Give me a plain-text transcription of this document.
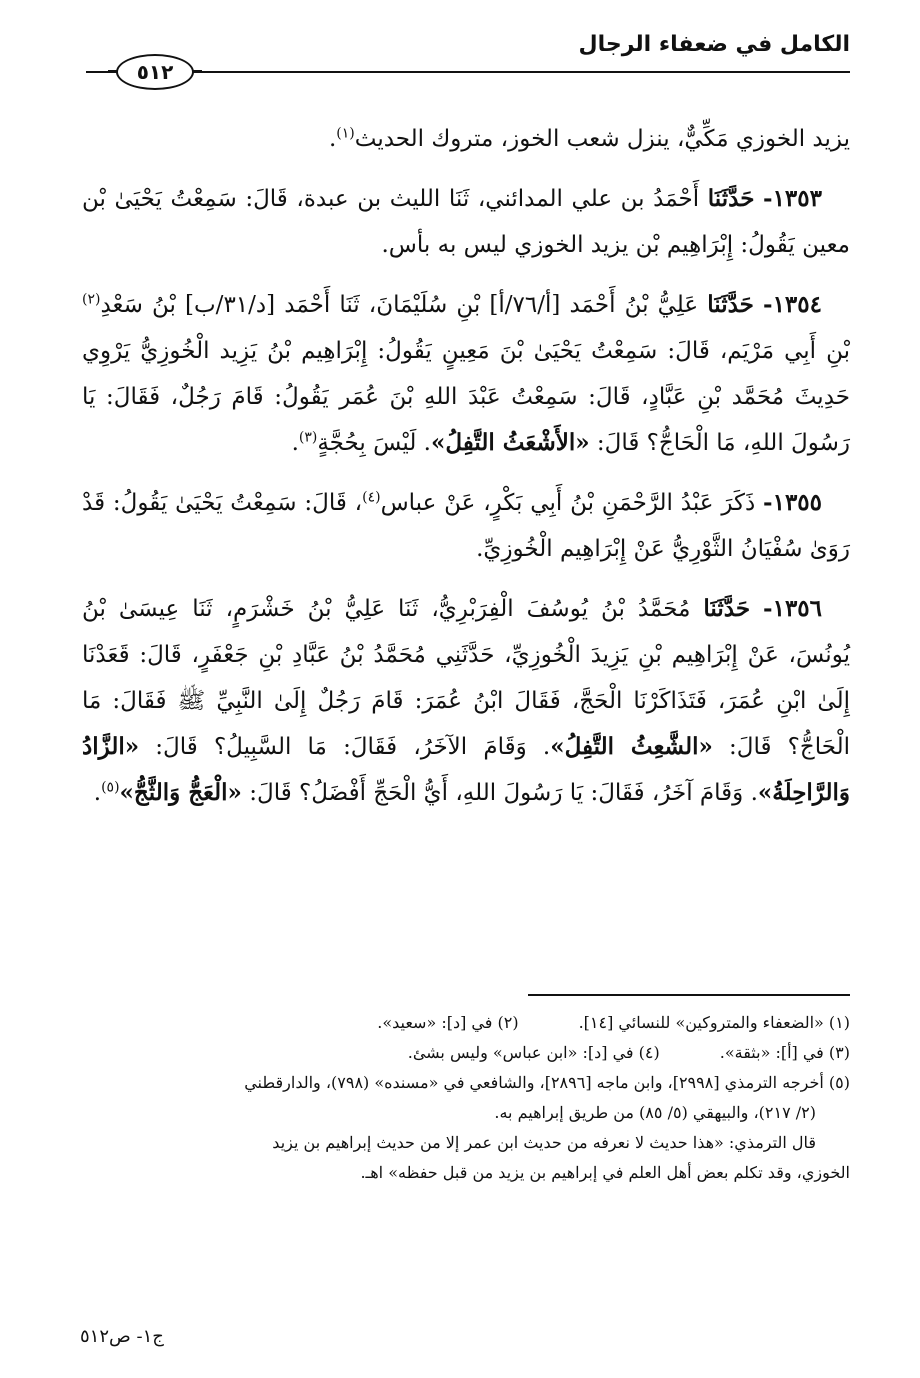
الكامل في ضعفاء الرجال
٥١٢

يزيد الخوزي مَكِّيٌّ، ينزل شعب الخوز، متروك الحديث$^{(١)}$.

١٣٥٣- حَدَّثَنَا أَحْمَدُ بن علي المدائني، ثَنَا الليث بن عبدة، قَالَ: سَمِعْتُ يَحْيَىٰ بْن معين يَقُولُ: إِبْرَاهِيم بْن يزيد الخوزي ليس به بأس.

١٣٥٤- حَدَّثَنَا عَلِيُّ بْنُ أَحْمَد [أ/٧٦/أ] بْنِ سُلَيْمَانَ، ثَنَا أَحْمَد [د/٣١/ب] بْنُ سَعْدِ$^{(٢)}$ بْنِ أَبِي مَرْيَم، قَالَ: سَمِعْتُ يَحْيَىٰ بْنَ مَعِينٍ يَقُولُ: إِبْرَاهِيم بْنُ يَزِيد الْخُوزِيُّ يَرْوِي حَدِيثَ مُحَمَّد بْنِ عَبَّادٍ، قَالَ: سَمِعْتُ عَبْدَ اللهِ بْنَ عُمَر يَقُولُ: قَامَ رَجُلٌ، فَقَالَ: يَا رَسُولَ اللهِ، مَا الْحَاجُّ؟ قَالَ: «الأَشْعَثُ التَّفِلُ». لَيْسَ بِحُجَّةٍ$^{(٣)}$.

١٣٥٥- ذَكَرَ عَبْدُ الرَّحْمَنِ بْنُ أَبِي بَكْرٍ، عَنْ عباس$^{(٤)}$، قَالَ: سَمِعْتُ يَحْيَىٰ يَقُولُ: قَدْ رَوَىٰ سُفْيَانُ الثَّوْرِيُّ عَنْ إِبْرَاهِيم الْخُوزِيِّ.

١٣٥٦- حَدَّثَنَا مُحَمَّدُ بْنُ يُوسُفَ الْفِرَبْرِيُّ، ثَنَا عَلِيُّ بْنُ خَشْرَمٍ، ثَنَا عِيسَىٰ بْنُ يُونُسَ، عَنْ إِبْرَاهِيم بْنِ يَزِيدَ الْخُوزِيِّ، حَدَّثَنِي مُحَمَّدُ بْنُ عَبَّادِ بْنِ جَعْفَرٍ، قَالَ: قَعَدْنَا إِلَىٰ ابْنِ عُمَرَ، فَتَذَاكَرْنَا الْحَجَّ، فَقَالَ ابْنُ عُمَرَ: قَامَ رَجُلٌ إِلَىٰ النَّبِيِّ ﷺ فَقَالَ: مَا الْحَاجُّ؟ قَالَ: «الشَّعِثُ التَّفِلُ». وَقَامَ الآخَرُ، فَقَالَ: مَا السَّبِيلُ؟ قَالَ: «الزَّادُ وَالرَّاحِلَةُ». وَقَامَ آخَرُ، فَقَالَ: يَا رَسُولَ اللهِ، أَيُّ الْحَجِّ أَفْضَلُ؟ قَالَ: «الْعَجُّ وَالثَّجُّ»$^{(٥)}$.

(١) «الضعفاء والمتروكين» للنسائي [١٤].
(٢) في [د]: «سعيد».
(٣) في [أ]: «بثقة».
(٤) في [د]: «ابن عباس» وليس بشئ.

(٥) أخرجه الترمذي [٢٩٩٨]، وابن ماجه [٢٨٩٦]، والشافعي في «مسنده» (٧٩٨)، والدارقطني

(٢/ ٢١٧)، والبيهقي (٥/ ٨٥) من طريق إبراهيم به.

قال الترمذي: «هذا حديث لا نعرفه من حديث ابن عمر إلا من حديث إبراهيم بن يزيد

الخوزي، وقد تكلم بعض أهل العلم في إبراهيم بن يزيد من قبل حفظه» اهـ.

ج١- ص٥١٢
